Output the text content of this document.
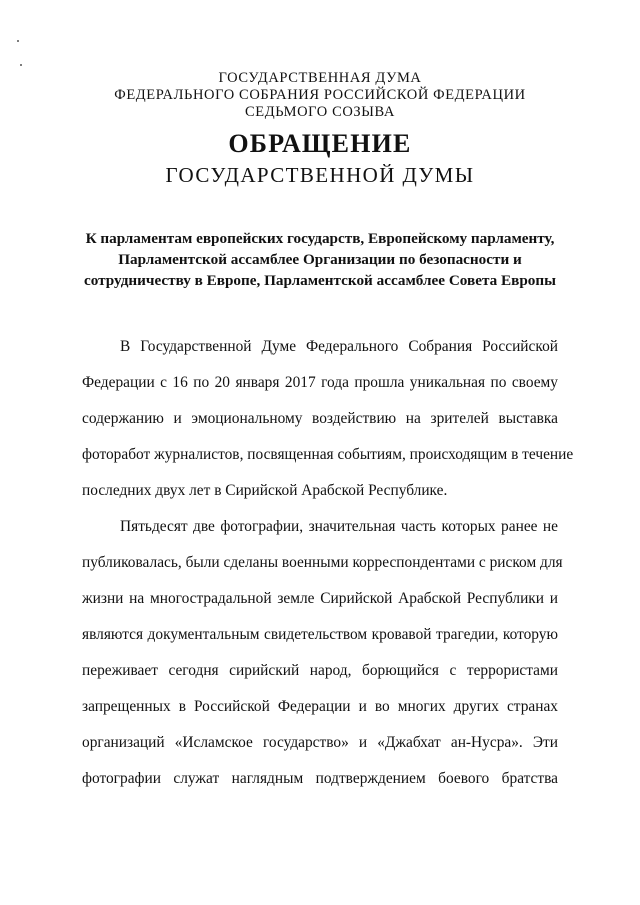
ГОСУДАРСТВЕННАЯ ДУМА
ФЕДЕРАЛЬНОГО СОБРАНИЯ РОССИЙСКОЙ ФЕДЕРАЦИИ
СЕДЬМОГО СОЗЫВА
ОБРАЩЕНИЕ
ГОСУДАРСТВЕННОЙ ДУМЫ
К парламентам европейских государств, Европейскому парламенту,
Парламентской ассамблее Организации по безопасности и
сотрудничеству в Европе, Парламентской ассамблее Совета Европы
В Государственной Думе Федерального Собрания Российской
Федерации с 16 по 20 января 2017 года прошла уникальная по своему
содержанию и эмоциональному воздействию на зрителей выставка
фоторабот журналистов, посвященная событиям, происходящим в течение
последних двух лет в Сирийской Арабской Республике.
Пятьдесят две фотографии, значительная часть которых ранее не
публиковалась, были сделаны военными корреспондентами с риском для
жизни на многострадальной земле Сирийской Арабской Республики и
являются документальным свидетельством кровавой трагедии, которую
переживает сегодня сирийский народ, борющийся с террористами
запрещенных в Российской Федерации и во многих других странах
организаций «Исламское государство» и «Джабхат ан-Нусра». Эти
фотографии служат наглядным подтверждением боевого братства
